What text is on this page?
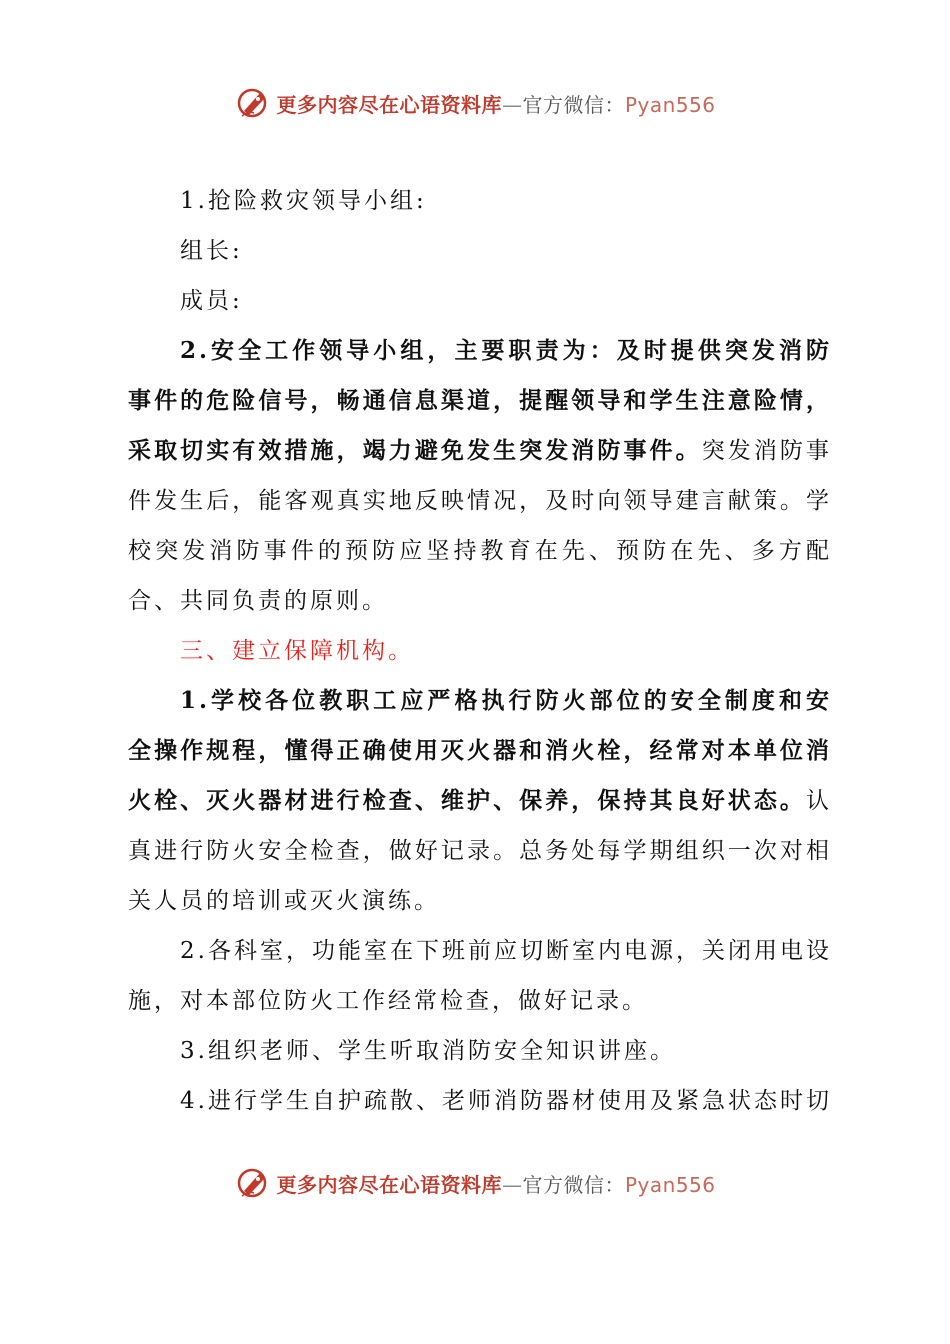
更多内容尽在心语资料库—官方微信：Pyan556

1.抢险救灾领导小组:

组长:

成员:

2.安全工作领导小组，主要职责为：及时提供突发消防事件的危险信号，畅通信息渠道，提醒领导和学生注意险情，采取切实有效措施，竭力避免发生突发消防事件。突发消防事件发生后，能客观真实地反映情况，及时向领导建言献策。学校突发消防事件的预防应坚持教育在先、预防在先、多方配合、共同负责的原则。

三、建立保障机构。

1.学校各位教职工应严格执行防火部位的安全制度和安全操作规程，懂得正确使用灭火器和消火栓，经常对本单位消火栓、灭火器材进行检查、维护、保养，保持其良好状态。认真进行防火安全检查，做好记录。总务处每学期组织一次对相关人员的培训或灭火演练。

2.各科室，功能室在下班前应切断室内电源，关闭用电设施，对本部位防火工作经常检查，做好记录。

3.组织老师、学生听取消防安全知识讲座。

4.进行学生自护疏散、老师消防器材使用及紧急状态时切

更多内容尽在心语资料库—官方微信：Pyan556
